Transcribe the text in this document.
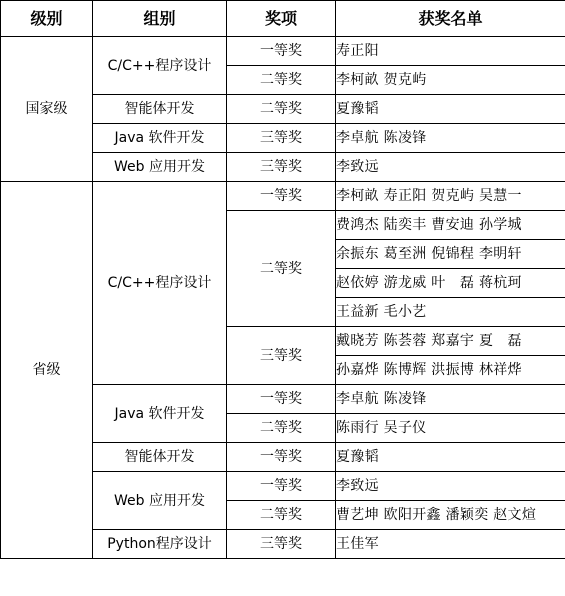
级别	组别	奖项	获奖名单
国家级	C/C++程序设计	一等奖	寿正阳
		二等奖	李柯畝 贺克屿
	智能体开发	二等奖	夏豫韬
	Java 软件开发	三等奖	李卓航 陈凌锋
	Web 应用开发	三等奖	李致远
省级	C/C++程序设计	一等奖	李柯畝 寿正阳 贺克屿 吴慧一
		二等奖	费鸿杰 陆奕丰 曹安迪 孙学城
			余振东 葛至洲 倪锦程 李明轩
			赵依婷 游龙威 叶　磊 蒋杭珂
			王益新 毛小艺
		三等奖	戴晓芳 陈荟蓉 郑嘉宇 夏　磊
			孙嘉烨 陈博辉 洪振博 林祥烨
	Java 软件开发	一等奖	李卓航 陈凌锋
		二等奖	陈雨行 吴子仪
	智能体开发	一等奖	夏豫韬
	Web 应用开发	一等奖	李致远
		二等奖	曹艺坤 欧阳开鑫 潘颖奕 赵文煊
	Python程序设计	三等奖	王佳军
